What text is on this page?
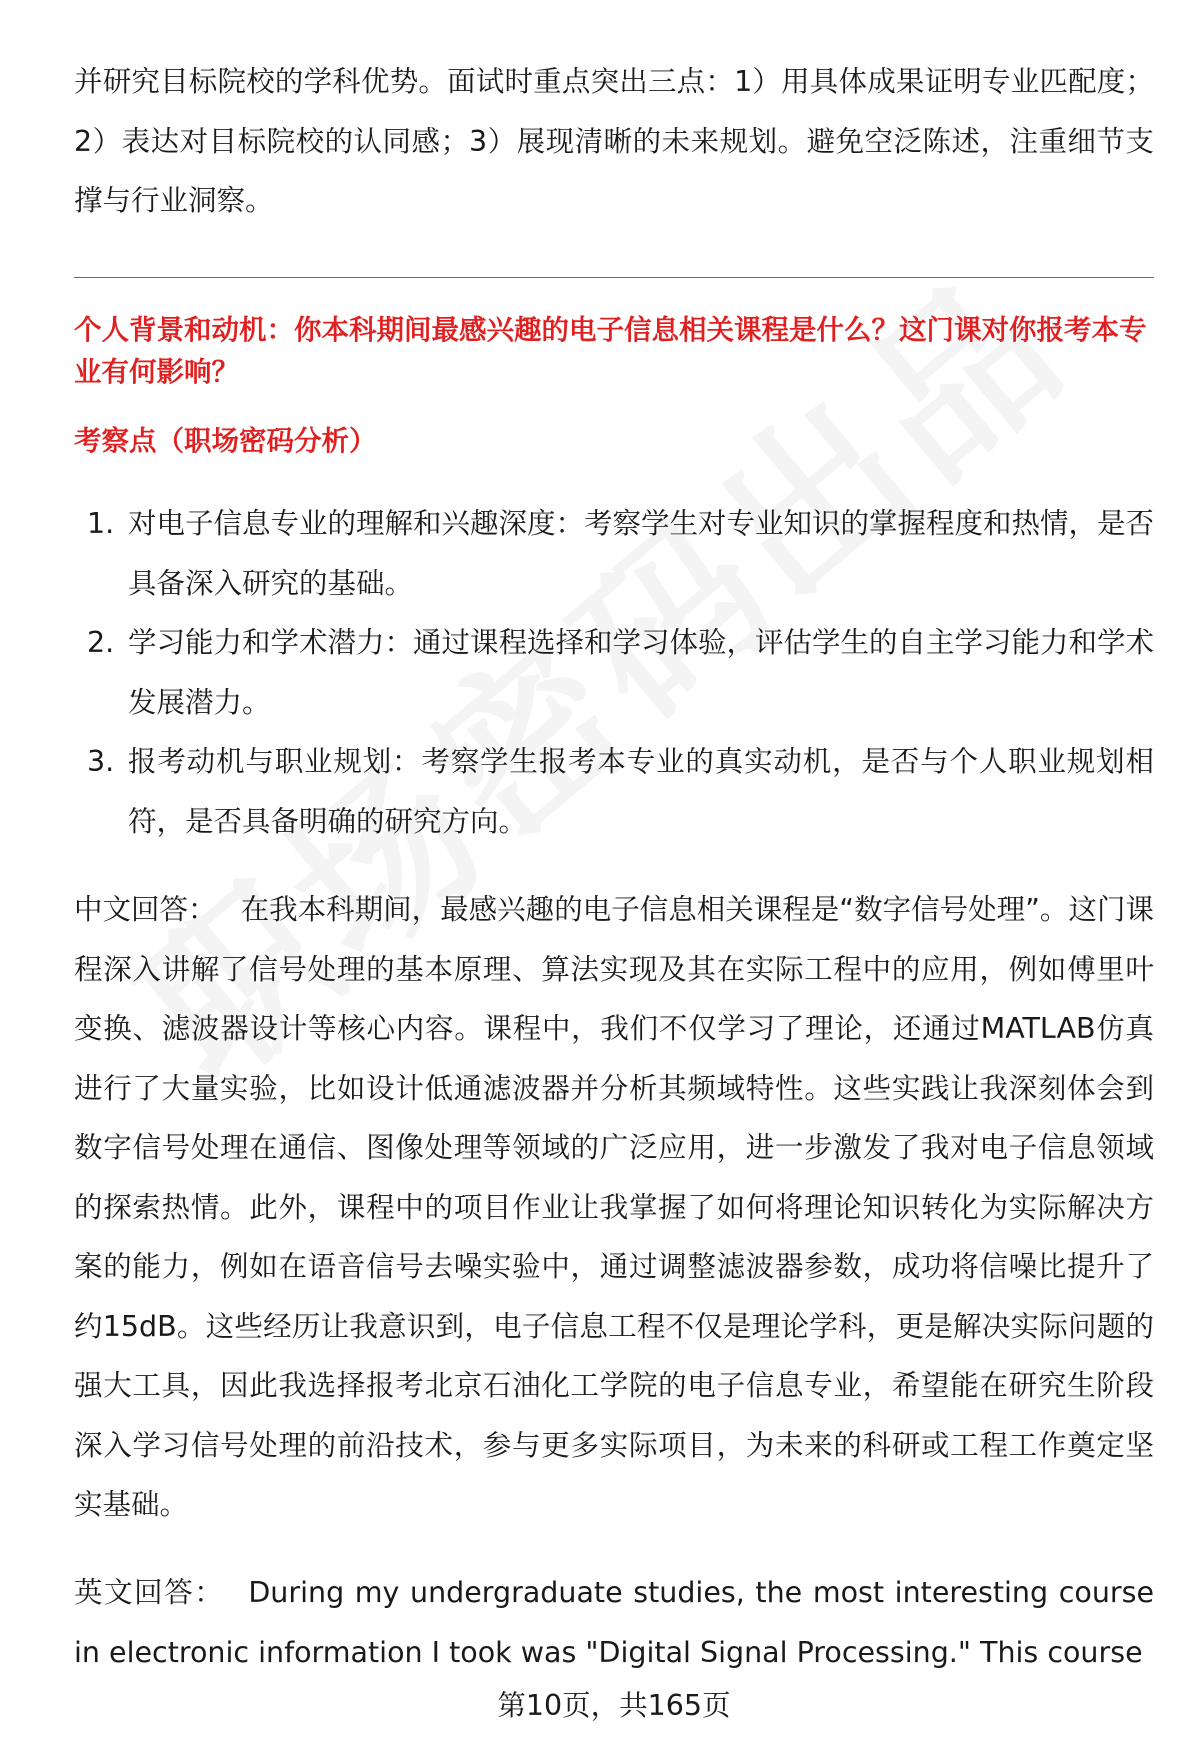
并研究目标院校的学科优势。面试时重点突出三点：1）用具体成果证明专业匹配度；2）表达对目标院校的认同感；3）展现清晰的未来规划。避免空泛陈述，注重细节支撑与行业洞察。

个人背景和动机：你本科期间最感兴趣的电子信息相关课程是什么？这门课对你报考本专业有何影响？
考察点（职场密码分析）
1. 对电子信息专业的理解和兴趣深度：考察学生对专业知识的掌握程度和热情，是否具备深入研究的基础。
2. 学习能力和学术潜力：通过课程选择和学习体验，评估学生的自主学习能力和学术发展潜力。
3. 报考动机与职业规划：考察学生报考本专业的真实动机，是否与个人职业规划相符，是否具备明确的研究方向。

中文回答： 在我本科期间，最感兴趣的电子信息相关课程是“数字信号处理”。这门课程深入讲解了信号处理的基本原理、算法实现及其在实际工程中的应用，例如傅里叶变换、滤波器设计等核心内容。课程中，我们不仅学习了理论，还通过MATLAB仿真进行了大量实验，比如设计低通滤波器并分析其频域特性。这些实践让我深刻体会到数字信号处理在通信、图像处理等领域的广泛应用，进一步激发了我对电子信息领域的探索热情。此外，课程中的项目作业让我掌握了如何将理论知识转化为实际解决方案的能力，例如在语音信号去噪实验中，通过调整滤波器参数，成功将信噪比提升了约15dB。这些经历让我意识到，电子信息工程不仅是理论学科，更是解决实际问题的强大工具，因此我选择报考北京石油化工学院的电子信息专业，希望能在研究生阶段深入学习信号处理的前沿技术，参与更多实际项目，为未来的科研或工程工作奠定坚实基础。

英文回答： During my undergraduate studies, the most interesting course in electronic information I took was "Digital Signal Processing." This course

第10页，共165页
